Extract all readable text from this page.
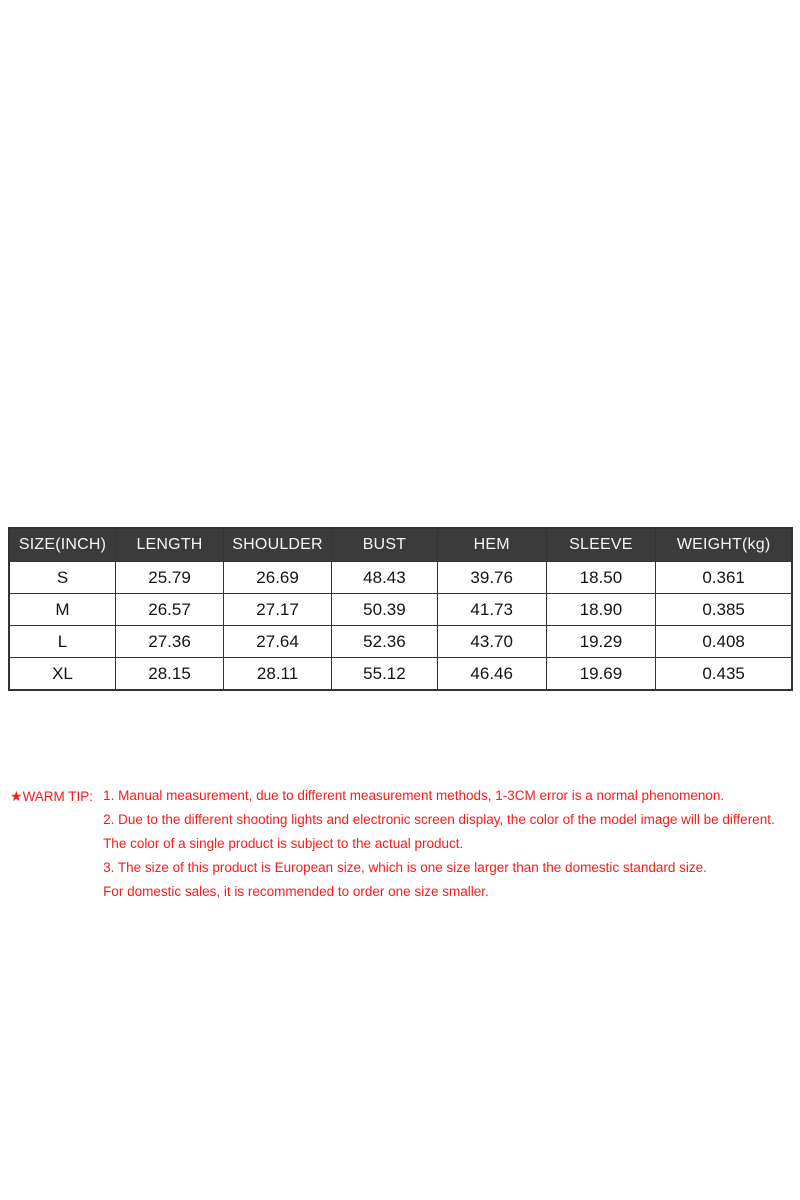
SIZE(INCH)	LENGTH	SHOULDER	BUST	HEM	SLEEVE	WEIGHT(kg)
S	25.79	26.69	48.43	39.76	18.50	0.361
M	26.57	27.17	50.39	41.73	18.90	0.385
L	27.36	27.64	52.36	43.70	19.29	0.408
XL	28.15	28.11	55.12	46.46	19.69	0.435
★WARM TIP: 1. Manual measurement, due to different measurement methods, 1-3CM error is a normal phenomenon.
2. Due to the different shooting lights and electronic screen display, the color of the model image will be different.
The color of a single product is subject to the actual product.
3. The size of this product is European size, which is one size larger than the domestic standard size.
For domestic sales, it is recommended to order one size smaller.
